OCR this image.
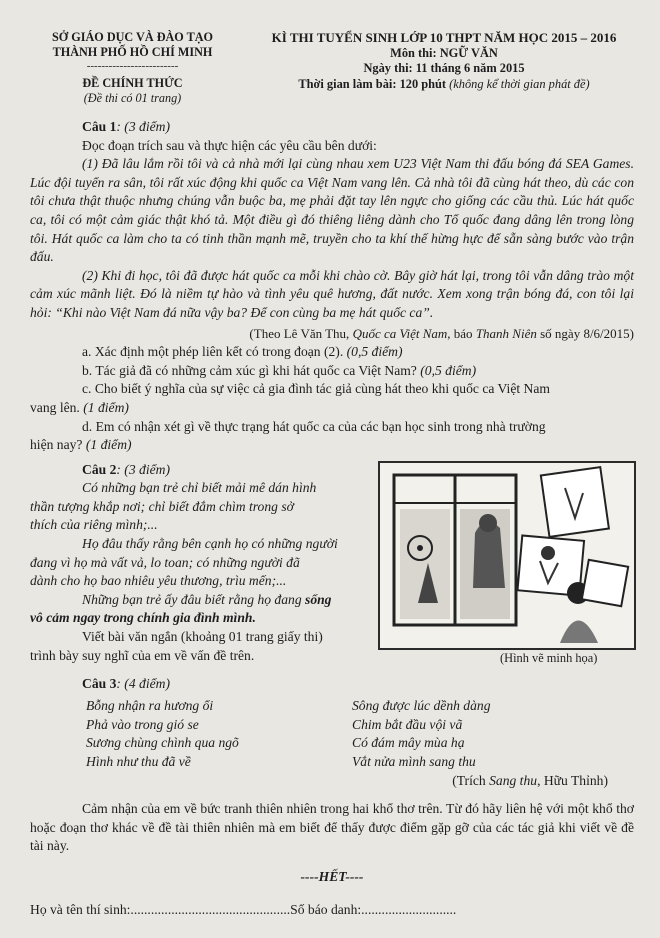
SỞ GIÁO DỤC VÀ ĐÀO TẠO
THÀNH PHỐ HỒ CHÍ MINH
-------------------------
ĐỀ CHÍNH THỨC
(Đề thi có 01 trang)
KÌ THI TUYỂN SINH LỚP 10 THPT NĂM HỌC 2015 – 2016
Môn thi: NGỮ VĂN
Ngày thi: 11 tháng 6 năm 2015
Thời gian làm bài: 120 phút (không kể thời gian phát đề)
Câu 1: (3 điểm)
Đọc đoạn trích sau và thực hiện các yêu cầu bên dưới:
(1) Đã lâu lắm rồi tôi và cả nhà mới lại cùng nhau xem U23 Việt Nam thi đấu bóng đá SEA Games. Lúc đội tuyển ra sân, tôi rất xúc động khi quốc ca Việt Nam vang lên. Cả nhà tôi đã cùng hát theo, dù các con tôi chưa thật thuộc nhưng chúng vẫn buộc ba, mẹ phải đặt tay lên ngực cho giống các cầu thủ. Lúc hát quốc ca, tôi có một cảm giác thật khó tả. Một điều gì đó thiêng liêng dành cho Tổ quốc đang dâng lên trong lòng tôi. Hát quốc ca làm cho ta có tinh thần mạnh mẽ, truyền cho ta khí thế hừng hực để sẵn sàng bước vào trận đấu.
(2) Khi đi học, tôi đã được hát quốc ca mỗi khi chào cờ. Bây giờ hát lại, trong tôi vẫn dâng trào một cảm xúc mãnh liệt. Đó là niềm tự hào và tình yêu quê hương, đất nước. Xem xong trận bóng đá, con tôi lại hỏi: “Khi nào Việt Nam đá nữa vậy ba? Để con cùng ba mẹ hát quốc ca”.
(Theo Lê Văn Thu, Quốc ca Việt Nam, báo Thanh Niên số ngày 8/6/2015)
a. Xác định một phép liên kết có trong đoạn (2). (0,5 điểm)
b. Tác giả đã có những cảm xúc gì khi hát quốc ca Việt Nam? (0,5 điểm)
c. Cho biết ý nghĩa của sự việc cả gia đình tác giả cùng hát theo khi quốc ca Việt Nam
vang lên. (1 điểm)
d. Em có nhận xét gì về thực trạng hát quốc ca của các bạn học sinh trong nhà trường
hiện nay? (1 điểm)
Câu 2: (3 điểm)
Có những bạn trẻ chỉ biết mải mê dán hình
thần tượng khắp nơi; chỉ biết đắm chìm trong sở
thích của riêng mình;...
Họ đâu thấy rằng bên cạnh họ có những người
đang vì họ mà vất vả, lo toan; có những người đã
dành cho họ bao nhiêu yêu thương, trìu mến;...
Những bạn trẻ ấy đâu biết rằng họ đang sống
vô cảm ngay trong chính gia đình mình.
Viết bài văn ngắn (khoảng 01 trang giấy thi)
trình bày suy nghĩ của em về vấn đề trên.	(Hình vẽ minh họa)
Câu 3: (4 điểm)
Bỗng nhận ra hương ổi
Phả vào trong gió se
Sương chùng chình qua ngõ
Hình như thu đã về
Sông được lúc dềnh dàng
Chim bắt đầu vội vã
Có đám mây mùa hạ
Vắt nửa mình sang thu
(Trích Sang thu, Hữu Thỉnh)
Cảm nhận của em về bức tranh thiên nhiên trong hai khổ thơ trên. Từ đó hãy liên hệ với một khổ thơ hoặc đoạn thơ khác về đề tài thiên nhiên mà em biết để thấy được điểm gặp gỡ của các tác giả khi viết về đề tài này.
----HẾT----
Họ và tên thí sinh:............................................... Số báo danh:............................
